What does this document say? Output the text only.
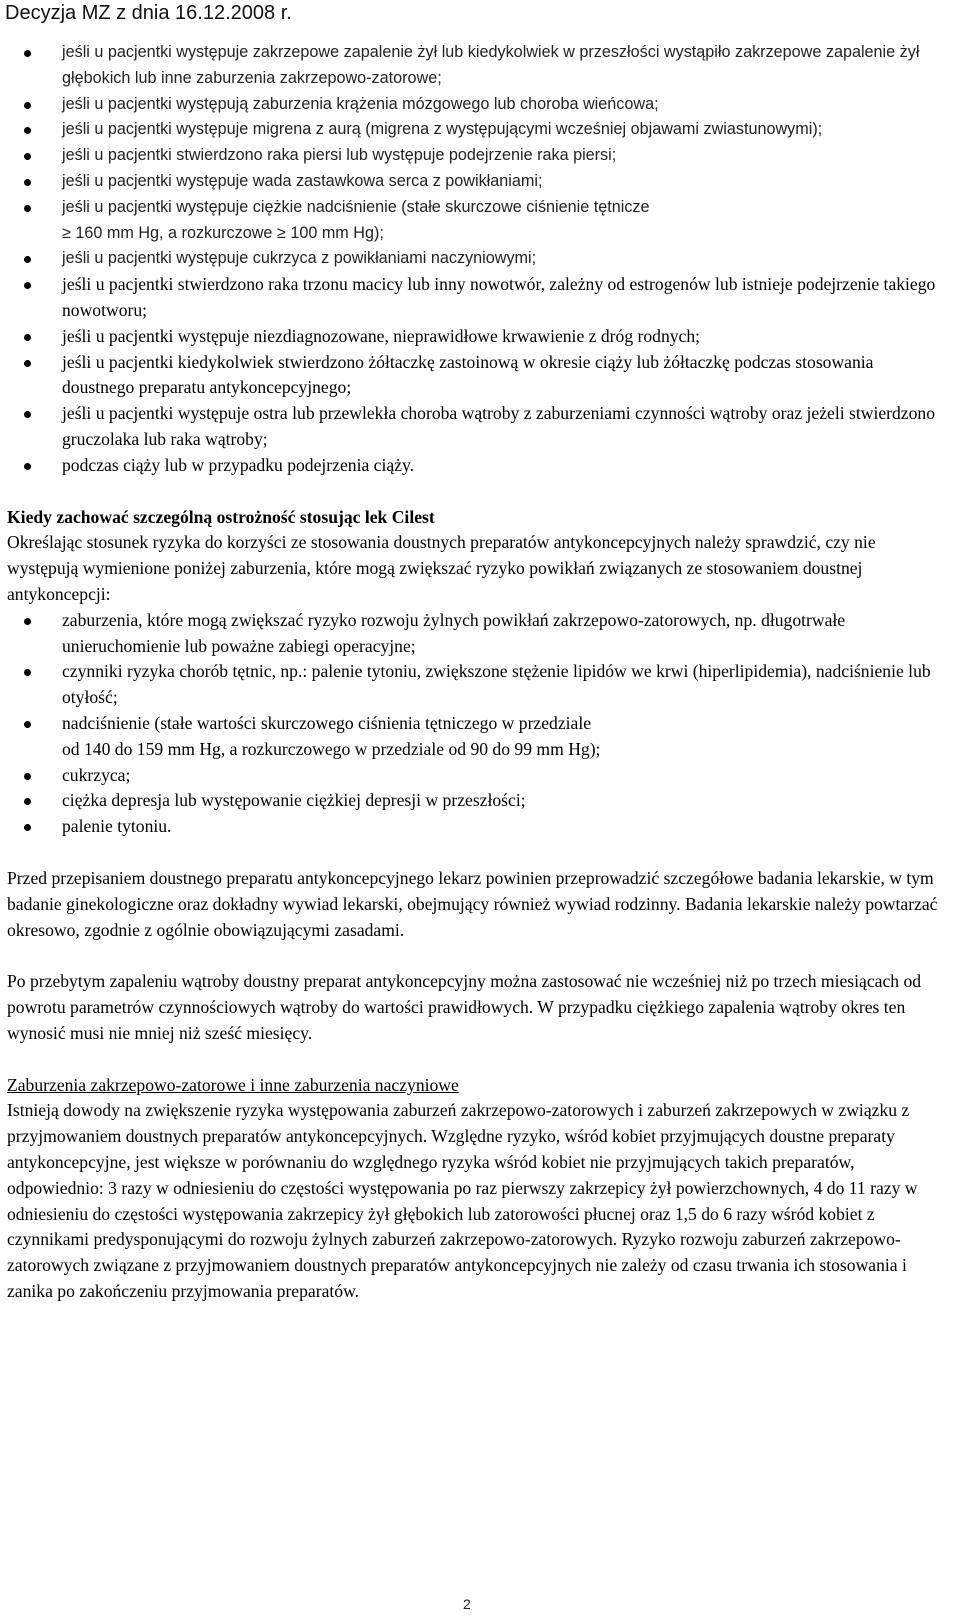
Decyzja MZ z dnia 16.12.2008 r.
jeśli u pacjentki występuje zakrzepowe zapalenie żył lub kiedykolwiek w przeszłości wystąpiło zakrzepowe zapalenie żył głębokich lub inne zaburzenia zakrzepowo-zatorowe;
jeśli u pacjentki występują zaburzenia krążenia mózgowego lub choroba wieńcowa;
jeśli u pacjentki występuje migrena z aurą (migrena z występującymi wcześniej objawami zwiastunowymi);
jeśli u pacjentki stwierdzono raka piersi lub występuje podejrzenie raka piersi;
jeśli u pacjentki występuje wada zastawkowa serca z powikłaniami;
jeśli u pacjentki występuje ciężkie nadciśnienie (stałe skurczowe ciśnienie tętnicze
≥ 160 mm Hg, a rozkurczowe ≥ 100 mm Hg);
jeśli u pacjentki występuje cukrzyca z powikłaniami naczyniowymi;
jeśli u pacjentki stwierdzono raka trzonu macicy lub inny nowotwór, zależny od estrogenów lub istnieje podejrzenie takiego nowotworu;
jeśli u pacjentki występuje niezdiagnozowane, nieprawidłowe krwawienie z dróg rodnych;
jeśli u pacjentki kiedykolwiek stwierdzono żółtaczkę zastoinową w okresie ciąży lub żółtaczkę podczas stosowania doustnego preparatu antykoncepcyjnego;
jeśli u pacjentki występuje ostra lub przewlekła choroba wątroby z zaburzeniami czynności wątroby oraz jeżeli stwierdzono gruczolaka lub raka wątroby;
podczas ciąży lub w przypadku podejrzenia ciąży.

Kiedy zachować szczególną ostrożność stosując lek Cilest

Określając stosunek ryzyka do korzyści ze stosowania doustnych preparatów antykoncepcyjnych należy sprawdzić, czy nie występują wymienione poniżej zaburzenia, które mogą zwiększać ryzyko powikłań związanych ze stosowaniem doustnej antykoncepcji:

zaburzenia, które mogą zwiększać ryzyko rozwoju żylnych powikłań zakrzepowo-zatorowych, np. długotrwałe unieruchomienie lub poważne zabiegi operacyjne;
czynniki ryzyka chorób tętnic, np.: palenie tytoniu, zwiększone stężenie lipidów we krwi (hiperlipidemia), nadciśnienie lub otyłość;
nadciśnienie (stałe wartości skurczowego ciśnienia tętniczego w przedziale
od 140 do 159 mm Hg, a rozkurczowego w przedziale od 90 do 99 mm Hg);
cukrzyca;
ciężka depresja lub występowanie ciężkiej depresji w przeszłości;
palenie tytoniu.

Przed przepisaniem doustnego preparatu antykoncepcyjnego lekarz powinien przeprowadzić szczegółowe badania lekarskie, w tym badanie ginekologiczne oraz dokładny wywiad lekarski, obejmujący również wywiad rodzinny. Badania lekarskie należy powtarzać okresowo, zgodnie z ogólnie obowiązującymi zasadami.

Po przebytym zapaleniu wątroby doustny preparat antykoncepcyjny można zastosować nie wcześniej niż po trzech miesiącach od powrotu parametrów czynnościowych wątroby do wartości prawidłowych. W przypadku ciężkiego zapalenia wątroby okres ten wynosić musi nie mniej niż sześć miesięcy.

Zaburzenia zakrzepowo-zatorowe i inne zaburzenia naczyniowe

Istnieją dowody na zwiększenie ryzyka występowania zaburzeń zakrzepowo-zatorowych i zaburzeń zakrzepowych w związku z przyjmowaniem doustnych preparatów antykoncepcyjnych. Względne ryzyko, wśród kobiet przyjmujących doustne preparaty antykoncepcyjne, jest większe w porównaniu do względnego ryzyka wśród kobiet nie przyjmujących takich preparatów, odpowiednio: 3 razy w odniesieniu do częstości występowania po raz pierwszy zakrzepicy żył powierzchownych, 4 do 11 razy w odniesieniu do częstości występowania zakrzepicy żył głębokich lub zatorowości płucnej oraz 1,5 do 6 razy wśród kobiet z czynnikami predysponującymi do rozwoju żylnych zaburzeń zakrzepowo-zatorowych. Ryzyko rozwoju zaburzeń zakrzepowo-zatorowych związane z przyjmowaniem doustnych preparatów antykoncepcyjnych nie zależy od czasu trwania ich stosowania i zanika po zakończeniu przyjmowania preparatów.

2
